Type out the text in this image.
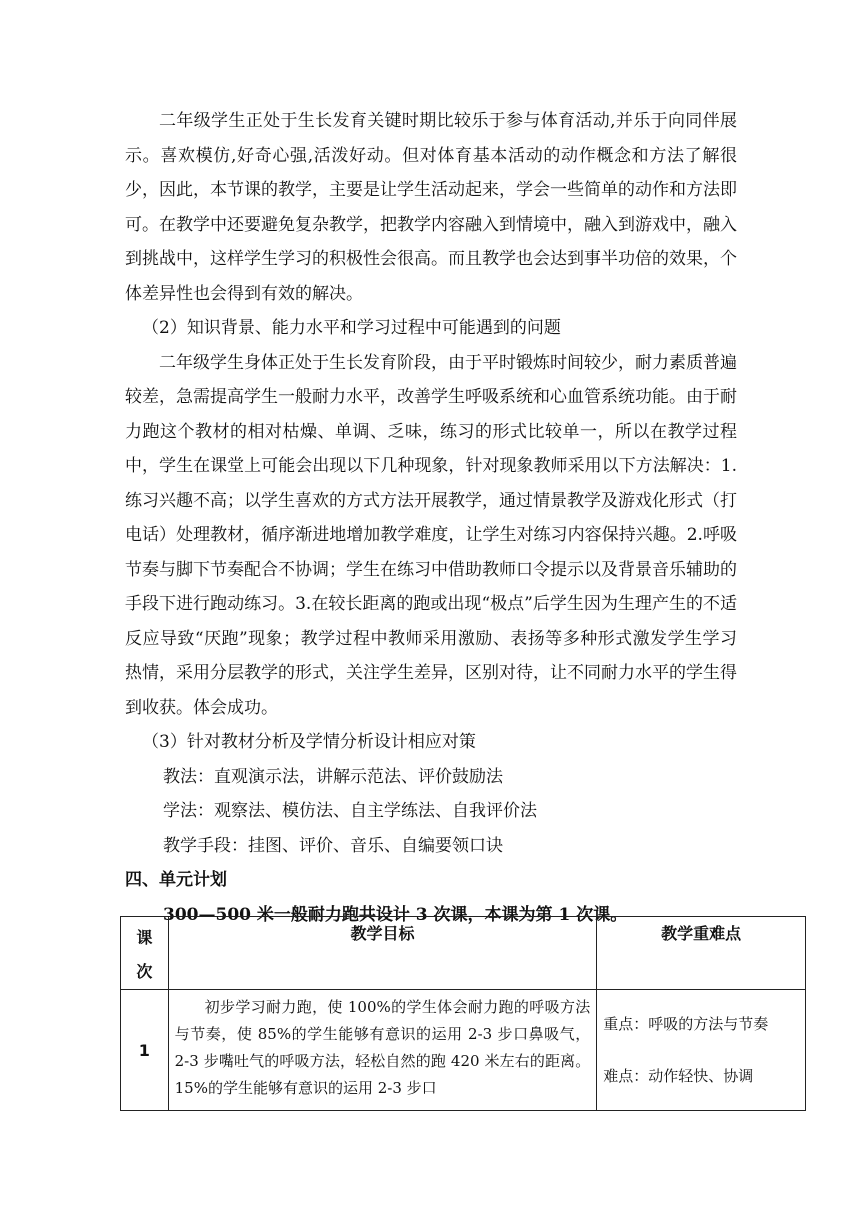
二年级学生正处于生长发育关键时期比较乐于参与体育活动,并乐于向同伴展示。喜欢模仿,好奇心强,活泼好动。但对体育基本活动的动作概念和方法了解很少，因此，本节课的教学，主要是让学生活动起来，学会一些简单的动作和方法即可。在教学中还要避免复杂教学，把教学内容融入到情境中，融入到游戏中，融入到挑战中，这样学生学习的积极性会很高。而且教学也会达到事半功倍的效果，个体差异性也会得到有效的解决。

（2）知识背景、能力水平和学习过程中可能遇到的问题

二年级学生身体正处于生长发育阶段，由于平时锻炼时间较少，耐力素质普遍较差，急需提高学生一般耐力水平，改善学生呼吸系统和心血管系统功能。由于耐力跑这个教材的相对枯燥、单调、乏味，练习的形式比较单一，所以在教学过程中，学生在课堂上可能会出现以下几种现象，针对现象教师采用以下方法解决：1.练习兴趣不高；以学生喜欢的方式方法开展教学，通过情景教学及游戏化形式（打电话）处理教材，循序渐进地增加教学难度，让学生对练习内容保持兴趣。2.呼吸节奏与脚下节奏配合不协调；学生在练习中借助教师口令提示以及背景音乐辅助的手段下进行跑动练习。3.在较长距离的跑或出现“极点”后学生因为生理产生的不适反应导致“厌跑”现象；教学过程中教师采用激励、表扬等多种形式激发学生学习热情，采用分层教学的形式，关注学生差异，区别对待，让不同耐力水平的学生得到收获。体会成功。

（3）针对教材分析及学情分析设计相应对策

教法：直观演示法，讲解示范法、评价鼓励法

学法：观察法、模仿法、自主学练法、自我评价法

教学手段：挂图、评价、音乐、自编要领口诀

四、单元计划

300—500 米一般耐力跑共设计 3 次课，本课为第 1 次课。

课
次	教学目标	教学重难点
1	初步学习耐力跑，使 100%的学生体会耐力跑的呼吸方法与节奏，使 85%的学生能够有意识的运用 2-3 步口鼻吸气，2-3 步嘴吐气的呼吸方法，轻松自然的跑 420 米左右的距离。15%的学生能够有意识的运用 2-3 步口	重点：呼吸的方法与节奏
难点：动作轻快、协调
